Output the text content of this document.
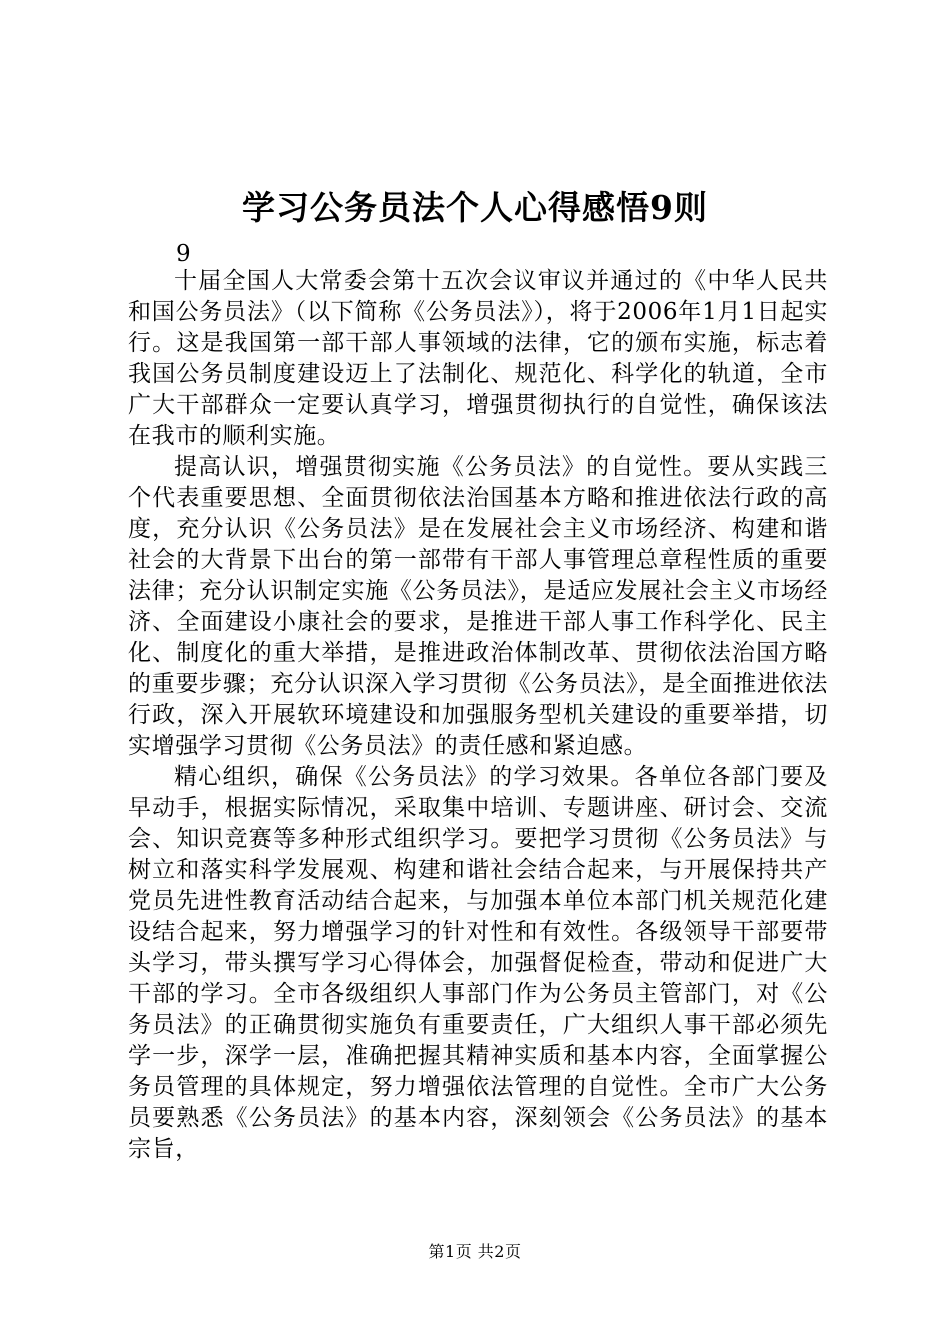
学习公务员法个人心得感悟9则
9

十届全国人大常委会第十五次会议审议并通过的《中华人民共和国公务员法》（以下简称《公务员法》），将于2006年1月1日起实行。这是我国第一部干部人事领域的法律，它的颁布实施，标志着我国公务员制度建设迈上了法制化、规范化、科学化的轨道，全市广大干部群众一定要认真学习，增强贯彻执行的自觉性，确保该法在我市的顺利实施。

提高认识，增强贯彻实施《公务员法》的自觉性。要从实践三个代表重要思想、全面贯彻依法治国基本方略和推进依法行政的高度，充分认识《公务员法》是在发展社会主义市场经济、构建和谐社会的大背景下出台的第一部带有干部人事管理总章程性质的重要法律；充分认识制定实施《公务员法》，是适应发展社会主义市场经济、全面建设小康社会的要求，是推进干部人事工作科学化、民主化、制度化的重大举措，是推进政治体制改革、贯彻依法治国方略的重要步骤；充分认识深入学习贯彻《公务员法》，是全面推进依法行政，深入开展软环境建设和加强服务型机关建设的重要举措，切实增强学习贯彻《公务员法》的责任感和紧迫感。

精心组织，确保《公务员法》的学习效果。各单位各部门要及早动手，根据实际情况，采取集中培训、专题讲座、研讨会、交流会、知识竞赛等多种形式组织学习。要把学习贯彻《公务员法》与树立和落实科学发展观、构建和谐社会结合起来，与开展保持共产党员先进性教育活动结合起来，与加强本单位本部门机关规范化建设结合起来，努力增强学习的针对性和有效性。各级领导干部要带头学习，带头撰写学习心得体会，加强督促检查，带动和促进广大干部的学习。全市各级组织人事部门作为公务员主管部门，对《公务员法》的正确贯彻实施负有重要责任，广大组织人事干部必须先学一步，深学一层，准确把握其精神实质和基本内容，全面掌握公务员管理的具体规定，努力增强依法管理的自觉性。全市广大公务员要熟悉《公务员法》的基本内容，深刻领会《公务员法》的基本宗旨，

第1页 共2页
